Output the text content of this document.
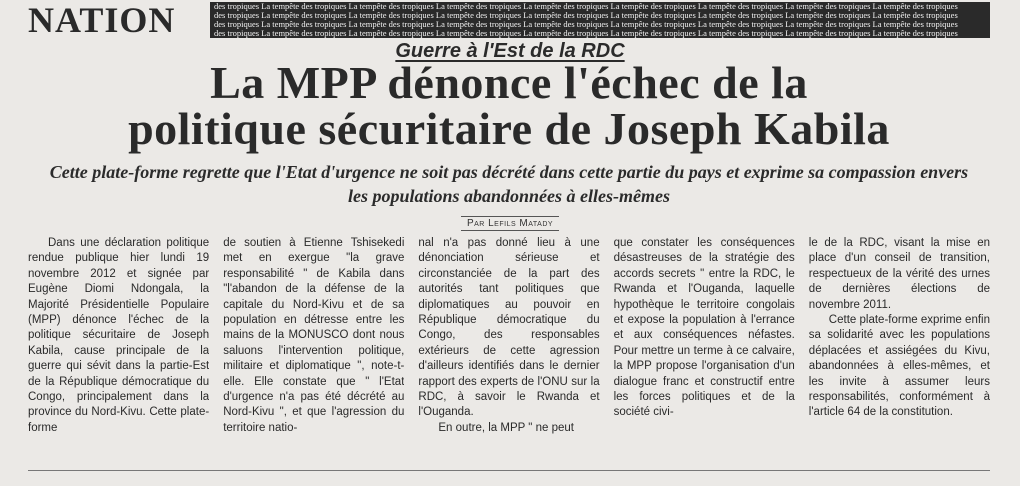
NATION	des tropiques La tempête des tropiques La tempête des tropiques La tempête des tropiques La tempête des tropiques La tempête des tropiques La tempête des tropiques La tempête des tropiques La tempête des tropiques
des tropiques La tempête des tropiques La tempête des tropiques La tempête des tropiques La tempête des tropiques La tempête des tropiques La tempête des tropiques La tempête des tropiques La tempête des tropiques
des tropiques La tempête des tropiques La tempête des tropiques La tempête des tropiques La tempête des tropiques La tempête des tropiques La tempête des tropiques La tempête des tropiques La tempête des tropiques
des tropiques La tempête des tropiques La tempête des tropiques La tempête des tropiques La tempête des tropiques La tempête des tropiques La tempête des tropiques La tempête des tropiques La tempête des tropiques
Guerre à l'Est de la RDC
La MPP dénonce l'échec de la
politique sécuritaire de Joseph Kabila
Cette plate-forme regrette que l'Etat d'urgence ne soit pas décrété dans cette partie du pays et exprime sa compassion envers
les populations abandonnées à elles-mêmes
Par Lefils Matady

Dans une déclaration politique rendue publique hier lundi 19 novembre 2012 et signée par Eugène Diomi Ndongala, la Majorité Présidentielle Populaire (MPP) dénonce l'échec de la politique sécuritaire de Joseph Kabila, cause principale de la guerre qui sévit dans la partie-Est de la République démocratique du Congo, principalement dans la province du Nord-Kivu. Cette plate-forme

de soutien à Etienne Tshisekedi met en exergue "la grave responsabilité " de Kabila dans "l'abandon de la défense de la capitale du Nord-Kivu et de sa population en détresse entre les mains de la MONUSCO dont nous saluons l'intervention politique, militaire et diplomatique ", note-t-elle. Elle constate que " l'Etat d'urgence n'a pas été décrété au Nord-Kivu ", et que l'agression du territoire natio-

nal n'a pas donné lieu à une dénonciation sérieuse et circonstanciée de la part des autorités tant politiques que diplomatiques au pouvoir en République démocratique du Congo, des responsables extérieurs de cette agression d'ailleurs identifiés dans le dernier rapport des experts de l'ONU sur la RDC, à savoir le Rwanda et l'Ouganda.

En outre, la MPP " ne peut

que constater les conséquences désastreuses de la stratégie des accords secrets " entre la RDC, le Rwanda et l'Ouganda, laquelle hypothèque le territoire congolais et expose la population à l'errance et aux conséquences néfastes. Pour mettre un terme à ce calvaire, la MPP propose l'organisation d'un dialogue franc et constructif entre les forces politiques et de la société civi-

le de la RDC, visant la mise en place d'un conseil de transition, respectueux de la vérité des urnes de dernières élections de novembre 2011.

Cette plate-forme exprime enfin sa solidarité avec les populations déplacées et assiégées du Kivu, abandonnées à elles-mêmes, et les invite à assumer leurs responsabilités, conformément à l'article 64 de la constitution.
